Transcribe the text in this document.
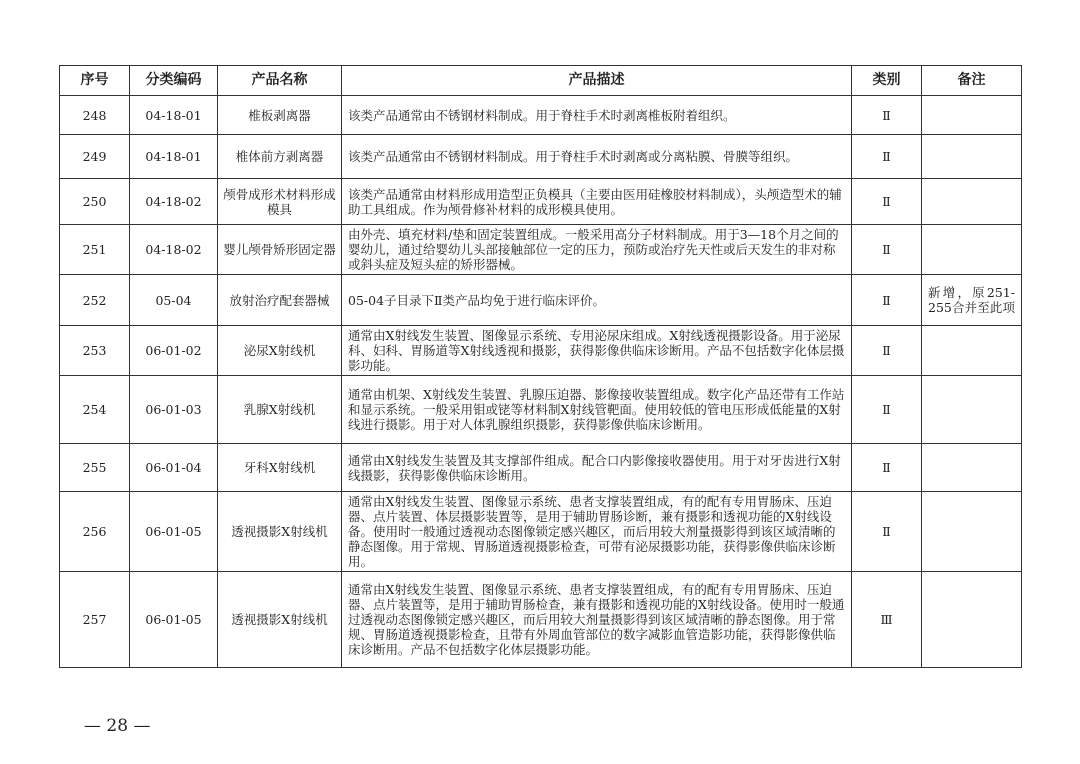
序号	分类编码	产品名称	产品描述	类别	备注
248	04-18-01	椎板剥离器	该类产品通常由不锈钢材料制成。用于脊柱手术时剥离椎板附着组织。	Ⅱ	
249	04-18-01	椎体前方剥离器	该类产品通常由不锈钢材料制成。用于脊柱手术时剥离或分离粘膜、骨膜等组织。	Ⅱ	
250	04-18-02	颅骨成形术材料形成模具	该类产品通常由材料形成用造型正负模具（主要由医用硅橡胶材料制成），头颅造型术的辅助工具组成。作为颅骨修补材料的成形模具使用。	Ⅱ	
251	04-18-02	婴儿颅骨矫形固定器	由外壳、填充材料/垫和固定装置组成。一般采用高分子材料制成。用于3—18个月之间的婴幼儿，通过给婴幼儿头部接触部位一定的压力，预防或治疗先天性或后天发生的非对称或斜头症及短头症的矫形器械。	Ⅱ	
252	05-04	放射治疗配套器械	05-04子目录下Ⅱ类产品均免于进行临床评价。	Ⅱ	新增，原251-255合并至此项
253	06-01-02	泌尿X射线机	通常由X射线发生装置、图像显示系统、专用泌尿床组成。X射线透视摄影设备。用于泌尿科、妇科、胃肠道等X射线透视和摄影，获得影像供临床诊断用。产品不包括数字化体层摄影功能。	Ⅱ	
254	06-01-03	乳腺X射线机	通常由机架、X射线发生装置、乳腺压迫器、影像接收装置组成。数字化产品还带有工作站和显示系统。一般采用钼或铑等材料制X射线管靶面。使用较低的管电压形成低能量的X射线进行摄影。用于对人体乳腺组织摄影，获得影像供临床诊断用。	Ⅱ	
255	06-01-04	牙科X射线机	通常由X射线发生装置及其支撑部件组成。配合口内影像接收器使用。用于对牙齿进行X射线摄影，获得影像供临床诊断用。	Ⅱ	
256	06-01-05	透视摄影X射线机	通常由X射线发生装置、图像显示系统、患者支撑装置组成，有的配有专用胃肠床、压迫器、点片装置、体层摄影装置等，是用于辅助胃肠诊断，兼有摄影和透视功能的X射线设备。使用时一般通过透视动态图像锁定感兴趣区，而后用较大剂量摄影得到该区域清晰的静态图像。用于常规、胃肠道透视摄影检查，可带有泌尿摄影功能，获得影像供临床诊断用。	Ⅱ	
257	06-01-05	透视摄影X射线机	通常由X射线发生装置、图像显示系统、患者支撑装置组成，有的配有专用胃肠床、压迫器、点片装置等，是用于辅助胃肠检查，兼有摄影和透视功能的X射线设备。使用时一般通过透视动态图像锁定感兴趣区，而后用较大剂量摄影得到该区域清晰的静态图像。用于常规、胃肠道透视摄影检查，且带有外周血管部位的数字减影血管造影功能，获得影像供临床诊断用。产品不包括数字化体层摄影功能。	Ⅲ	
— 28 —
